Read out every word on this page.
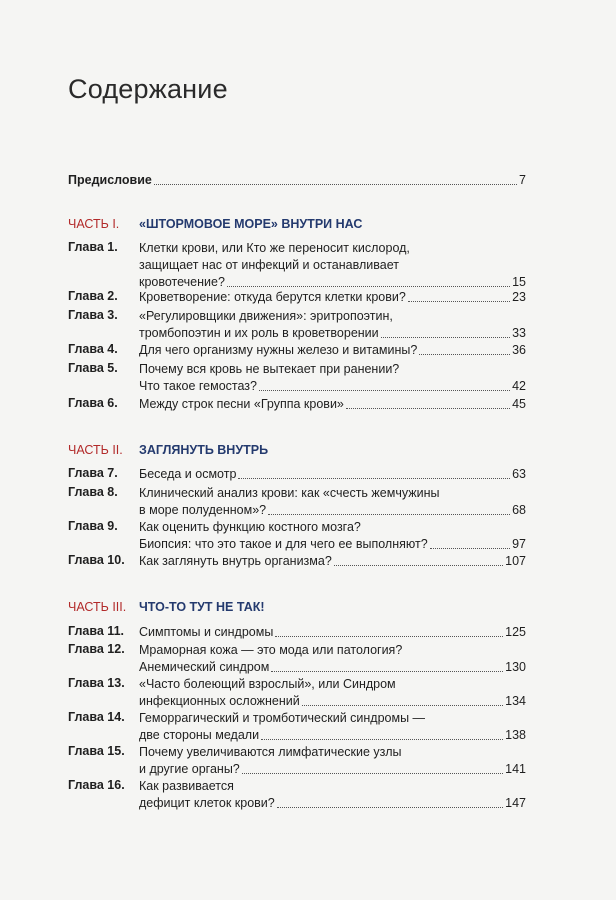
Содержание
Предисловие	7
ЧАСТЬ I. «ШТОРМОВОЕ МОРЕ» ВНУТРИ НАС
Глава 1. Клетки крови, или Кто же переносит кислород,
защищает нас от инфекций и останавливает
кровотечение?	15
Глава 2. Кроветворение: откуда берутся клетки крови?	23
Глава 3. «Регулировщики движения»: эритропоэтин,
тромбопоэтин и их роль в кроветворении	33
Глава 4. Для чего организму нужны железо и витамины?	36
Глава 5. Почему вся кровь не вытекает при ранении?
Что такое гемостаз?	42
Глава 6. Между строк песни «Группа крови»	45
ЧАСТЬ II. ЗАГЛЯНУТЬ ВНУТРЬ
Глава 7. Беседа и осмотр	63
Глава 8. Клинический анализ крови: как «счесть жемчужины
в море полуденном»?	68
Глава 9. Как оценить функцию костного мозга?
Биопсия: что это такое и для чего ее выполняют?	97
Глава 10. Как заглянуть внутрь организма?	107
ЧАСТЬ III. ЧТО-ТО ТУТ НЕ ТАК!
Глава 11. Симптомы и синдромы	125
Глава 12. Мраморная кожа — это мода или патология?
Анемический синдром	130
Глава 13. «Часто болеющий взрослый», или Синдром
инфекционных осложнений	134
Глава 14. Геморрагический и тромботический синдромы —
две стороны медали	138
Глава 15. Почему увеличиваются лимфатические узлы
и другие органы?	141
Глава 16. Как развивается
дефицит клеток крови?	147
